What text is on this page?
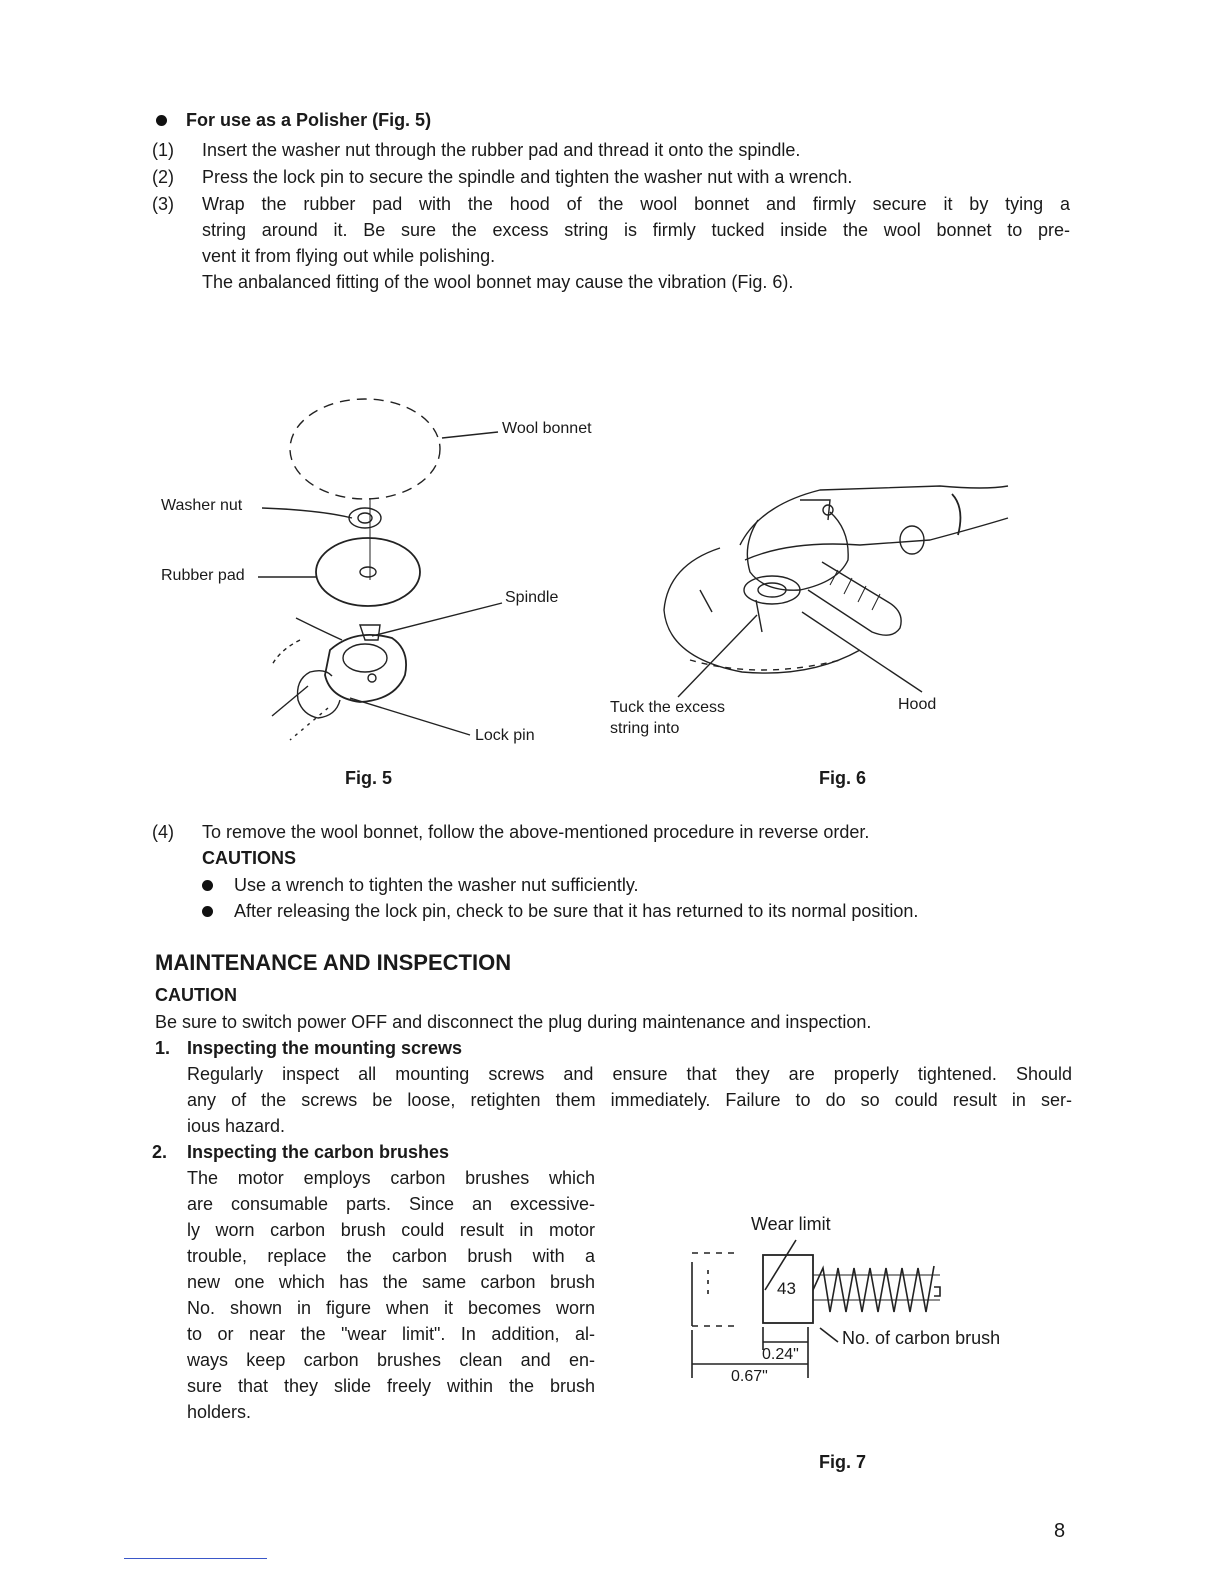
For use as a Polisher (Fig. 5)
(1) Insert the washer nut through the rubber pad and thread it onto the spindle.
(2) Press the lock pin to secure the spindle and tighten the washer nut with a wrench.
(3) Wrap the rubber pad with the hood of the wool bonnet and firmly secure it by tying a
string around it. Be sure the excess string is firmly tucked inside the wool bonnet to pre-
vent it from flying out while polishing.
The anbalanced fitting of the wool bonnet may cause the vibration (Fig. 6).
Wool bonnet
Washer nut
Rubber pad
Spindle
Lock pin
Fig. 5
Tuck the excess
string into
Hood
Fig. 6
(4) To remove the wool bonnet, follow the above-mentioned procedure in reverse order.
CAUTIONS
Use a wrench to tighten the washer nut sufficiently.
After releasing the lock pin, check to be sure that it has returned to its normal position.
MAINTENANCE AND INSPECTION
CAUTION
Be sure to switch power OFF and disconnect the plug during maintenance and inspection.
1. Inspecting the mounting screws
Regularly inspect all mounting screws and ensure that they are properly tightened. Should
any of the screws be loose, retighten them immediately. Failure to do so could result in ser-
ious hazard.
2. Inspecting the carbon brushes
The motor employs carbon brushes which
are consumable parts. Since an excessive-
ly worn carbon brush could result in motor
trouble, replace the carbon brush with a
new one which has the same carbon brush
No. shown in figure when it becomes worn
to or near the "wear limit". In addition, al-
ways keep carbon brushes clean and en-
sure that they slide freely within the brush
holders.
Wear limit
43
No. of carbon brush
0.24"
0.67"
Fig. 7
8
